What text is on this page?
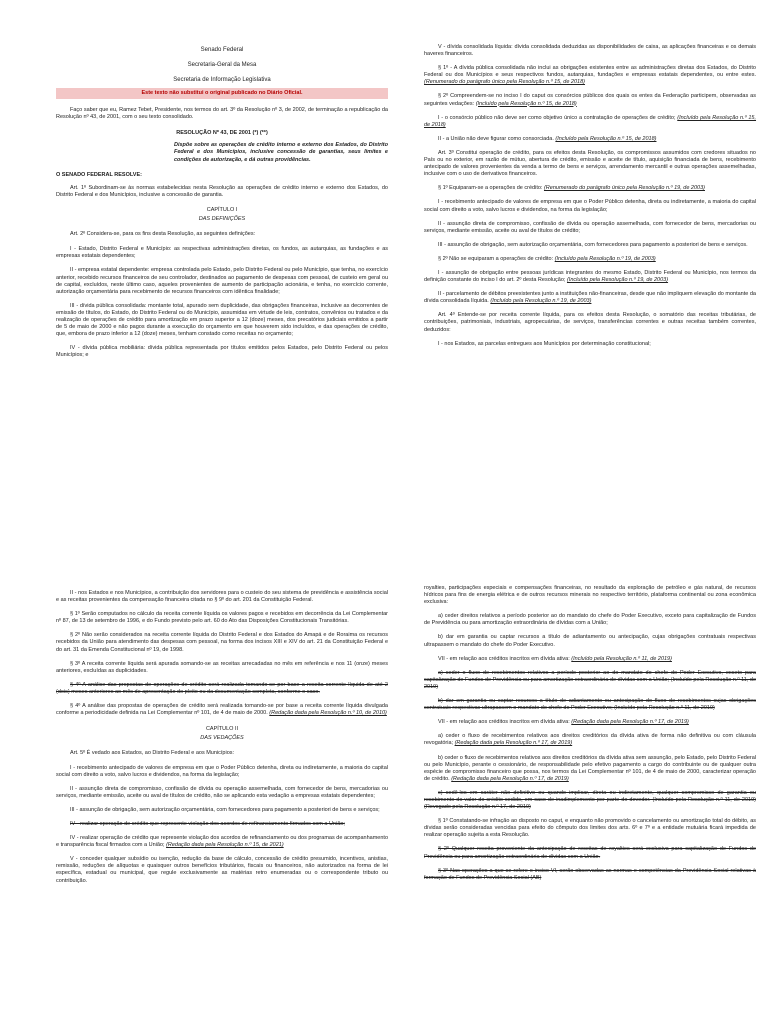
Senado Federal

Secretaria-Geral da Mesa

Secretaria de Informação Legislativa

Este texto não substitui o original publicado no Diário Oficial.

Faço saber que eu, Ramez Tebet, Presidente, nos termos do art. 3º da Resolução nº 3, de 2002, de terminação a republicação da Resolução nº 43, de 2001, com o seu texto consolidado.

RESOLUÇÃO Nº 43, DE 2001 (*) (**)

Dispõe sobre as operações de crédito interno e externo dos Estados, do Distrito Federal e dos Municípios, inclusive concessão de garantias, seus limites e condições de autorização, e dá outras providências.

O SENADO FEDERAL RESOLVE:

Art. 1º Subordinam-se às normas estabelecidas nesta Resolução as operações de crédito interno e externo dos Estados, do Distrito Federal e dos Municípios, inclusive a concessão de garantia.

CAPÍTULO I

DAS DEFINIÇÕES

Art. 2º Considera-se, para os fins desta Resolução, as seguintes definições:

I - Estado, Distrito Federal e Município: as respectivas administrações diretas, os fundos, as autarquias, as fundações e as empresas estatais dependentes;

II - empresa estatal dependente: empresa controlada pelo Estado, pelo Distrito Federal ou pelo Município, que tenha, no exercício anterior, recebido recursos financeiros de seu controlador, destinados ao pagamento de despesas com pessoal, de custeio em geral ou de capital, excluídos, neste último caso, aqueles provenientes de aumento de participação acionária, e tenha, no exercício corrente, autorização orçamentária para recebimento de recursos financeiros com idêntica finalidade;

III - dívida pública consolidada: montante total, apurado sem duplicidade, das obrigações financeiras, inclusive as decorrentes de emissão de títulos, do Estado, do Distrito Federal ou do Município, assumidas em virtude de leis, contratos, convênios ou tratados e da realização de operações de crédito para amortização em prazo superior a 12 (doze) meses, dos precatórios judiciais emitidos a partir de 5 de maio de 2000 e não pagos durante a execução do orçamento em que houverem sido incluídos, e das operações de crédito, que, embora de prazo inferior a 12 (doze) meses, tenham constado como receitas no orçamento;

IV - dívida pública mobiliária: dívida pública representada por títulos emitidos pelos Estados, pelo Distrito Federal ou pelos Municípios; e

V - dívida consolidada líquida: dívida consolidada deduzidas as disponibilidades de caixa, as aplicações financeiras e os demais haveres financeiros.

§ 1º - A dívida pública consolidada não inclui as obrigações existentes entre as administrações diretas dos Estados, do Distrito Federal ou dos Municípios e seus respectivos fundos, autarquias, fundações e empresas estatais dependentes, ou entre estes. (Renumerado do parágrafo único pela Resolução n.º 15, de 2018)

§ 2º Compreendem-se no inciso I do caput os consórcios públicos dos quais os entes da Federação participem, observadas as seguintes vedações: (Incluído pela Resolução n.º 15, de 2018)

I - o consórcio público não deve ser como objetivo único a contratação de operações de crédito; (Incluído pela Resolução n.º 15, de 2018)

II - a União não deve figurar como consorciada. (Incluído pela Resolução n.º 15, de 2018)

Art. 3º Constitui operação de crédito, para os efeitos desta Resolução, os compromissos assumidos com credores situados no País ou no exterior, em razão de mútuo, abertura de crédito, emissão e aceite de título, aquisição financiada de bens, recebimento antecipado de valores provenientes da venda a termo de bens e serviços, arrendamento mercantil e outras operações assemelhadas, inclusive com o uso de derivativos financeiros.

§ 1º Equiparam-se a operações de crédito: (Renumerado do parágrafo único pela Resolução n.º 19, de 2003)

I - recebimento antecipado de valores de empresa em que o Poder Público detenha, direta ou indiretamente, a maioria do capital social com direito a voto, salvo lucros e dividendos, na forma da legislação;

II - assunção direta de compromisso, confissão de dívida ou operação assemelhada, com fornecedor de bens, mercadorias ou serviços, mediante emissão, aceite ou aval de títulos de crédito;

III - assunção de obrigação, sem autorização orçamentária, com fornecedores para pagamento a posteriori de bens e serviços.

§ 2º Não se equiparam a operações de crédito: (Incluído pela Resolução n.º 19, de 2003)

I - assunção de obrigação entre pessoas jurídicas integrantes do mesmo Estado, Distrito Federal ou Município, nos termos da definição constante do inciso I do art. 2º desta Resolução; (Incluído pela Resolução n.º 19, de 2003)

II - parcelamento de débitos preexistentes junto a instituições não-financeiras, desde que não impliquem elevação do montante da dívida consolidada líquida. (Incluído pela Resolução n.º 19, de 2003)

Art. 4º Entende-se por receita corrente líquida, para os efeitos desta Resolução, o somatório das receitas tributárias, de contribuições, patrimoniais, industriais, agropecuárias, de serviços, transferências correntes e outras receitas também correntes, deduzidos:

I - nos Estados, as parcelas entregues aos Municípios por determinação constitucional;

II - nos Estados e nos Municípios, a contribuição dos servidores para o custeio do seu sistema de previdência e assistência social e as receitas provenientes da compensação financeira citada no § 9º do art. 201 da Constituição Federal.

§ 1º Serão computados no cálculo da receita corrente líquida os valores pagos e recebidos em decorrência da Lei Complementar nº 87, de 13 de setembro de 1996, e do Fundo previsto pelo art. 60 do Ato das Disposições Constitucionais Transitórias.

§ 2º Não serão considerados na receita corrente líquida do Distrito Federal e dos Estados do Amapá e de Roraima os recursos recebidos da União para atendimento das despesas com pessoal, na forma dos incisos XIII e XIV do art. 21 da Constituição Federal e do art. 31 da Emenda Constitucional nº 19, de 1998.

§ 3º A receita corrente líquida será apurada somando-se as receitas arrecadadas no mês em referência e nos 11 (onze) meses anteriores, excluídas as duplicidades.

§ 4º A análise das propostas de operações de crédito será realizada tomando-se por base a receita corrente líquida de até 2 (dois) meses anteriores ao mês de apresentação do pleito ou da documentação completa, conforme o caso.

§ 4º A análise das propostas de operações de crédito será realizada tomando-se por base a receita corrente líquida divulgada conforme a periodicidade definida na Lei Complementar nº 101, de 4 de maio de 2000. (Redação dada pela Resolução n.º 10, de 2010)

CAPÍTULO II

DAS VEDAÇÕES

Art. 5º É vedado aos Estados, ao Distrito Federal e aos Municípios:

I - recebimento antecipado de valores de empresa em que o Poder Público detenha, direta ou indiretamente, a maioria do capital social com direito a voto, salvo lucros e dividendos, na forma da legislação;

II - assunção direta de compromisso, confissão de dívida ou operação assemelhada, com fornecedor de bens, mercadorias ou serviços, mediante emissão, aceite ou aval de títulos de crédito, não se aplicando esta vedação a empresas estatais dependentes;

III - assunção de obrigação, sem autorização orçamentária, com fornecedores para pagamento a posteriori de bens e serviços;

IV - realizar operação de crédito que represente violação dos acordos de refinanciamento firmados com a União;

IV - realizar operação de crédito que represente violação dos acordos de refinanciamento ou dos programas de acompanhamento e transparência fiscal firmados com a União; (Redação dada pela Resolução n.º 15, de 2021)

V - conceder qualquer subsídio ou isenção, redução da base de cálculo, concessão de crédito presumido, incentivos, anistias, remissão, reduções de alíquotas e quaisquer outros benefícios tributários, fiscais ou financeiros, não autorizados na forma de lei específica, estadual ou municipal, que regule exclusivamente as matérias retro enumeradas ou o correspondente tributo ou contribuição.

royalties, participações especiais e compensações financeiras, no resultado da exploração de petróleo e gás natural, de recursos hídricos para fins de energia elétrica e de outros recursos minerais no respectivo território, plataforma continental ou zona econômica exclusiva:

a) ceder direitos relativos a período posterior ao do mandato do chefe do Poder Executivo, exceto para capitalização de Fundos de Previdência ou para amortização extraordinária de dívidas com a União;

b) dar em garantia ou captar recursos a título de adiantamento ou antecipação, cujas obrigações contratuais respectivas ultrapassem o mandato do chefe do Poder Executivo.

VII - em relação aos créditos inscritos em dívida ativa: (Incluído pela Resolução n.º 11, de 2019)

a) ceder o fluxo de recebimentos relativos a período posterior ao do mandato do chefe do Poder Executivo, exceto para capitalização de Fundos de Previdência ou para amortização extraordinária de dívidas com a União; (Incluído pela Resolução n.º 11, de 2019)

b) dar em garantia ou captar recursos a título de adiantamento ou antecipação do fluxo de recebimentos cujas obrigações contratuais respectivas ultrapassem o mandato do chefe do Poder Executivo; (Incluído pela Resolução n.º 11, de 2019)

VII - em relação aos créditos inscritos em dívida ativa: (Redação dada pela Resolução n.º 17, de 2019)

a) ceder o fluxo de recebimentos relativos aos direitos creditórios da dívida ativa de forma não definitiva ou com cláusula revogatória; (Redação dada pela Resolução n.º 17, de 2019)

b) ceder o fluxo de recebimentos relativos aos direitos creditórios da dívida ativa sem assunção, pelo Estado, pelo Distrito Federal ou pelo Município, perante o cessionário, de responsabilidade pelo efetivo pagamento a cargo do contribuinte ou de qualquer outra espécie de compromisso financeiro que possa, nos termos da Lei Complementar nº 101, de 4 de maio de 2000, caracterizar operação de crédito. (Redação dada pela Resolução n.º 17, de 2019)

c) cedê-los em caráter não definitivo ou quando implicar, direta ou indiretamente, qualquer compromisso de garantia ou recebimento do valor do crédito cedido, em caso de inadimplemento por parte do devedor. (Incluído pela Resolução n.º 11, de 2019) (Revogado pela Resolução n.º 17, de 2019)

§ 1º Constatando-se infração ao disposto no caput, e enquanto não promovido o cancelamento ou amortização total do débito, as dívidas serão consideradas vencidas para efeito do cômputo dos limites dos arts. 6º e 7º e a entidade mutuária ficará impedida de realizar operação sujeita a esta Resolução.

§ 2º Qualquer receita proveniente da antecipação de receitas de royalties será exclusiva para capitalização de Fundos de Previdência ou para amortização extraordinária de dívidas com a União.

§ 3º Nas operações a que se refere o inciso VI, serão observadas as normas e competências da Previdência Social relativas à formação de Fundos de Previdência Social (AB)
